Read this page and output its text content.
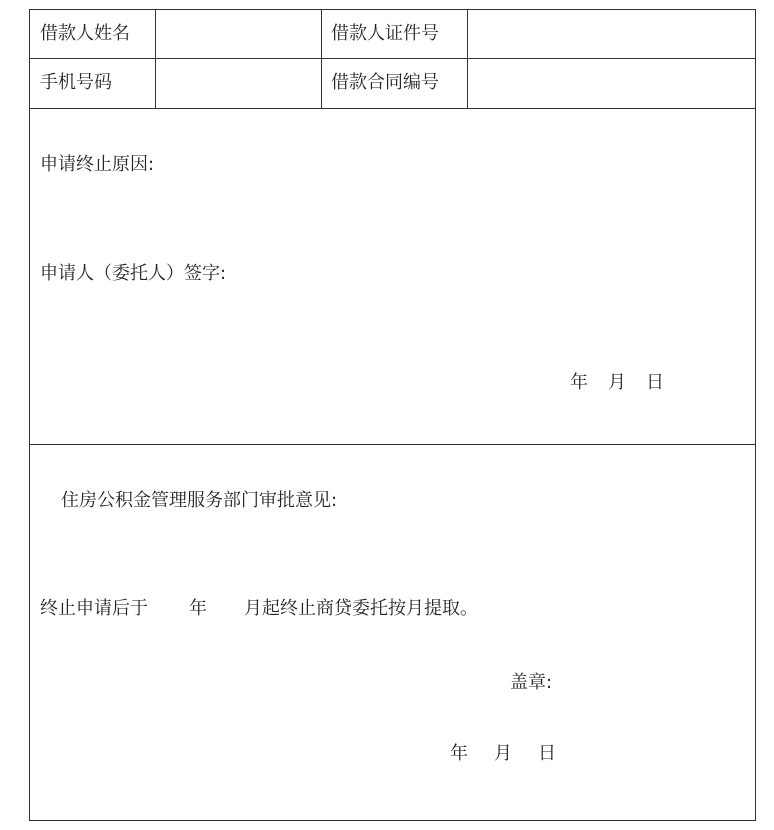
借款人姓名	借款人证件号
手机号码	借款合同编号
申请终止原因:
申请人（委托人）签字:
年 月 日
住房公积金管理服务部门审批意见:
终止申请后于 年 月起终止商贷委托按月提取。
盖章:
年 月 日
